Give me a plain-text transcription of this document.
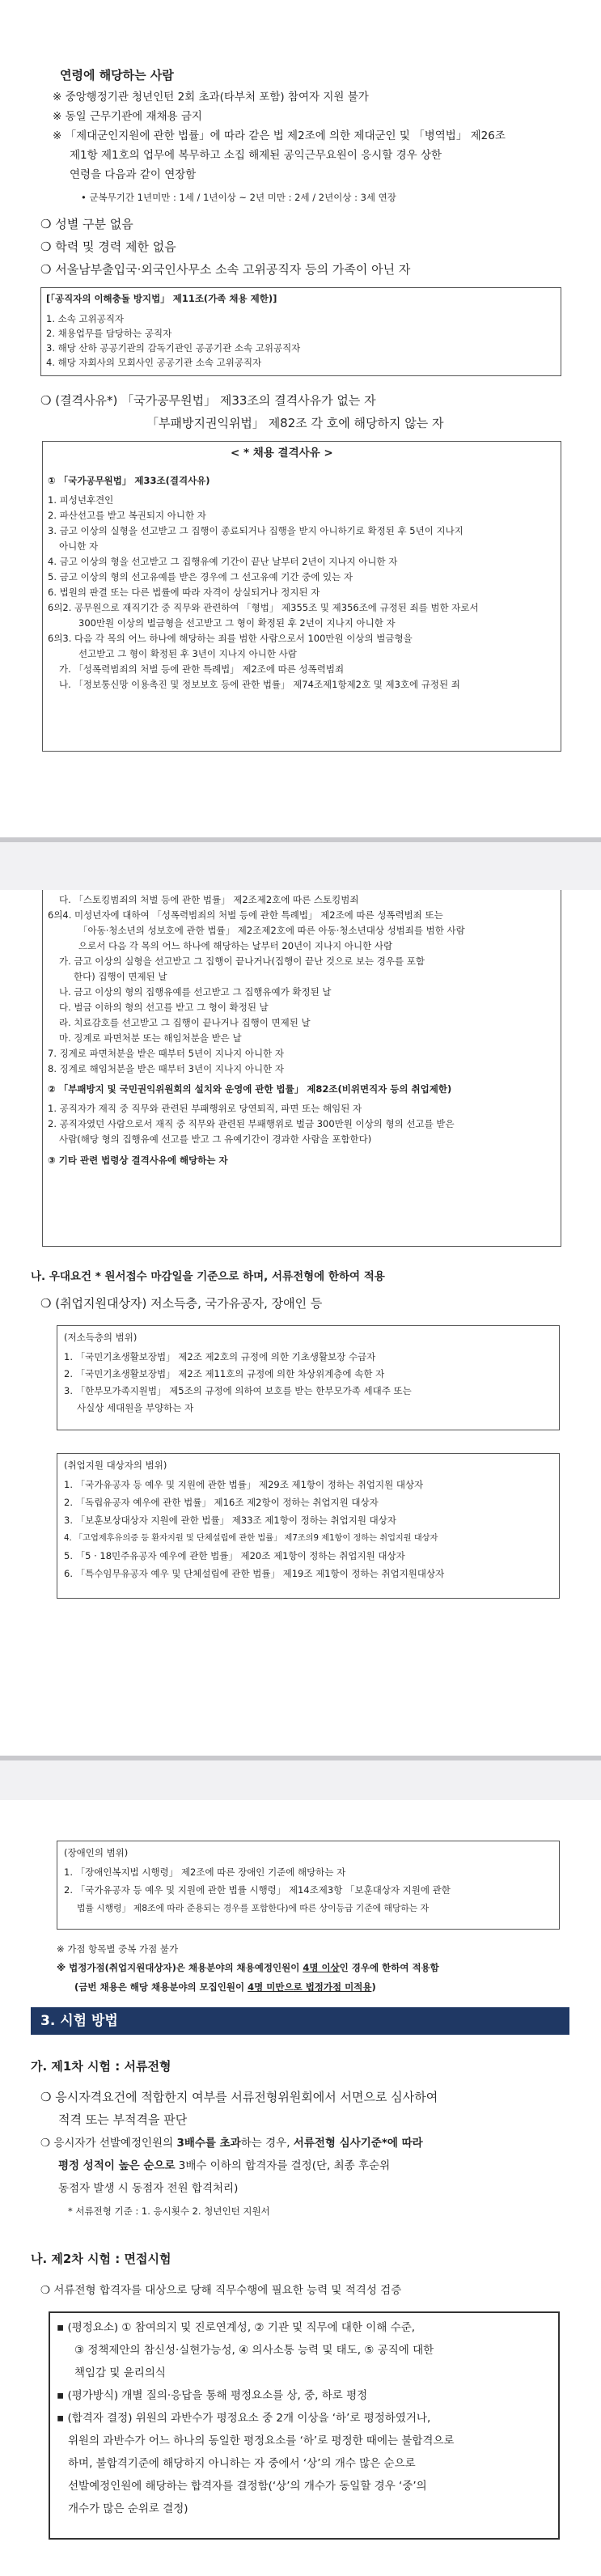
연령에 해당하는 사람
※ 중앙행정기관 청년인턴 2회 초과(타부처 포함) 참여자 지원 불가
※ 동일 근무기관에 재채용 금지
※ 「제대군인지원에 관한 법률」에 따라 같은 법 제2조에 의한 제대군인 및 「병역법」 제26조
제1항 제1호의 업무에 복무하고 소집 해제된 공익근무요원이 응시할 경우 상한
연령을 다음과 같이 연장함
• 군복무기간 1년미만 : 1세 / 1년이상 ~ 2년 미만 : 2세 / 2년이상 : 3세 연장
❍ 성별 구분 없음
❍ 학력 및 경력 제한 없음
❍ 서울남부출입국·외국인사무소 소속 고위공직자 등의 가족이 아닌 자
[「공직자의 이해충돌 방지법」 제11조(가족 채용 제한)]
1. 소속 고위공직자
2. 채용업무를 담당하는 공직자
3. 해당 산하 공공기관의 감독기관인 공공기관 소속 고위공직자
4. 해당 자회사의 모회사인 공공기관 소속 고위공직자
❍ (결격사유*) 「국가공무원법」 제33조의 결격사유가 없는 자
「부패방지권익위법」 제82조 각 호에 해당하지 않는 자
< * 채용 결격사유 >
① 「국가공무원법」 제33조(결격사유)
1. 피성년후견인
2. 파산선고를 받고 복권되지 아니한 자
3. 금고 이상의 실형을 선고받고 그 집행이 종료되거나 집행을 받지 아니하기로 확정된 후 5년이 지나지
아니한 자
4. 금고 이상의 형을 선고받고 그 집행유예 기간이 끝난 날부터 2년이 지나지 아니한 자
5. 금고 이상의 형의 선고유예를 받은 경우에 그 선고유예 기간 중에 있는 자
6. 법원의 판결 또는 다른 법률에 따라 자격이 상실되거나 정지된 자
6의2. 공무원으로 재직기간 중 직무와 관련하여 「형법」 제355조 및 제356조에 규정된 죄를 범한 자로서
300만원 이상의 벌금형을 선고받고 그 형이 확정된 후 2년이 지나지 아니한 자
6의3. 다음 각 목의 어느 하나에 해당하는 죄를 범한 사람으로서 100만원 이상의 벌금형을
선고받고 그 형이 확정된 후 3년이 지나지 아니한 사람
가. 「성폭력범죄의 처벌 등에 관한 특례법」 제2조에 따른 성폭력범죄
나. 「정보통신망 이용촉진 및 정보보호 등에 관한 법률」 제74조제1항제2호 및 제3호에 규정된 죄
다. 「스토킹범죄의 처벌 등에 관한 법률」 제2조제2호에 따른 스토킹범죄
6의4. 미성년자에 대하여 「성폭력범죄의 처벌 등에 관한 특례법」 제2조에 따른 성폭력범죄 또는
「아동·청소년의 성보호에 관한 법률」 제2조제2호에 따른 아동·청소년대상 성범죄를 범한 사람
으로서 다음 각 목의 어느 하나에 해당하는 날부터 20년이 지나지 아니한 사람
가. 금고 이상의 실형을 선고받고 그 집행이 끝나거나(집행이 끝난 것으로 보는 경우를 포함
한다) 집행이 면제된 날
나. 금고 이상의 형의 집행유예를 선고받고 그 집행유예가 확정된 날
다. 벌금 이하의 형의 선고를 받고 그 형이 확정된 날
라. 치료감호를 선고받고 그 집행이 끝나거나 집행이 면제된 날
마. 징계로 파면처분 또는 해임처분을 받은 날
7. 징계로 파면처분을 받은 때부터 5년이 지나지 아니한 자
8. 징계로 해임처분을 받은 때부터 3년이 지나지 아니한 자
② 「부패방지 및 국민권익위원회의 설치와 운영에 관한 법률」 제82조(비위면직자 등의 취업제한)
1. 공직자가 재직 중 직무와 관련된 부패행위로 당연퇴직, 파면 또는 해임된 자
2. 공직자였던 사람으로서 재직 중 직무와 관련된 부패행위로 벌금 300만원 이상의 형의 선고를 받은
사람(해당 형의 집행유예 선고를 받고 그 유예기간이 경과한 사람을 포함한다)
③ 기타 관련 법령상 결격사유에 해당하는 자
나. 우대요건 * 원서접수 마감일을 기준으로 하며, 서류전형에 한하여 적용
❍ (취업지원대상자) 저소득층, 국가유공자, 장애인 등
(저소득층의 범위)
1. 「국민기초생활보장법」 제2조 제2호의 규정에 의한 기초생활보장 수급자
2. 「국민기초생활보장법」 제2조 제11호의 규정에 의한 차상위계층에 속한 자
3. 「한부모가족지원법」 제5조의 규정에 의하여 보호를 받는 한부모가족 세대주 또는
사실상 세대원을 부양하는 자
(취업지원 대상자의 범위)
1. 「국가유공자 등 예우 및 지원에 관한 법률」 제29조 제1항이 정하는 취업지원 대상자
2. 「독립유공자 예우에 관한 법률」 제16조 제2항이 정하는 취업지원 대상자
3. 「보훈보상대상자 지원에 관한 법률」 제33조 제1항이 정하는 취업지원 대상자
4. 「고엽제후유의증 등 환자지원 및 단체설립에 관한 법률」 제7조의9 제1항이 정하는 취업지원 대상자
5. 「5 · 18민주유공자 예우에 관한 법률」 제20조 제1항이 정하는 취업지원 대상자
6. 「특수임무유공자 예우 및 단체설립에 관한 법률」 제19조 제1항이 정하는 취업지원대상자
(장애인의 범위)
1. 「장애인복지법 시행령」 제2조에 따른 장애인 기준에 해당하는 자
2. 「국가유공자 등 예우 및 지원에 관한 법률 시행령」 제14조제3항 「보훈대상자 지원에 관한
법률 시행령」 제8조에 따라 준용되는 경우를 포함한다)에 따른 상이등급 기준에 해당하는 자
※ 가점 항목별 중복 가점 불가
※ 법정가점(취업지원대상자)은 채용분야의 채용예정인원이 4명 이상인 경우에 한하여 적용함
(금번 채용은 해당 채용분야의 모집인원이 4명 미만으로 법정가점 미적용)
3. 시험 방법
가. 제1차 시험 : 서류전형
❍ 응시자격요건에 적합한지 여부를 서류전형위원회에서 서면으로 심사하여
적격 또는 부적격을 판단
❍ 응시자가 선발예정인원의 3배수를 초과하는 경우, 서류전형 심사기준*에 따라
평정 성적이 높은 순으로 3배수 이하의 합격자를 결정(단, 최종 후순위
동점자 발생 시 동점자 전원 합격처리)
* 서류전형 기준 : 1. 응시횟수 2. 청년인턴 지원서
나. 제2차 시험 : 면접시험
❍ 서류전형 합격자를 대상으로 당해 직무수행에 필요한 능력 및 적격성 검증
▪ (평정요소) ① 참여의지 및 진로연계성, ② 기관 및 직무에 대한 이해 수준,
③ 정책제안의 참신성·실현가능성, ④ 의사소통 능력 및 태도, ⑤ 공직에 대한
책임감 및 윤리의식
▪ (평가방식) 개별 질의·응답을 통해 평정요소를 상, 중, 하로 평정
▪ (합격자 결정) 위원의 과반수가 평정요소 중 2개 이상을 ‘하’로 평정하였거나,
위원의 과반수가 어느 하나의 동일한 평정요소를 ‘하’로 평정한 때에는 불합격으로
하며, 불합격기준에 해당하지 아니하는 자 중에서 ‘상’의 개수 많은 순으로
선발예정인원에 해당하는 합격자를 결정함(‘상’의 개수가 동일할 경우 ‘중’의
개수가 많은 순위로 결정)
